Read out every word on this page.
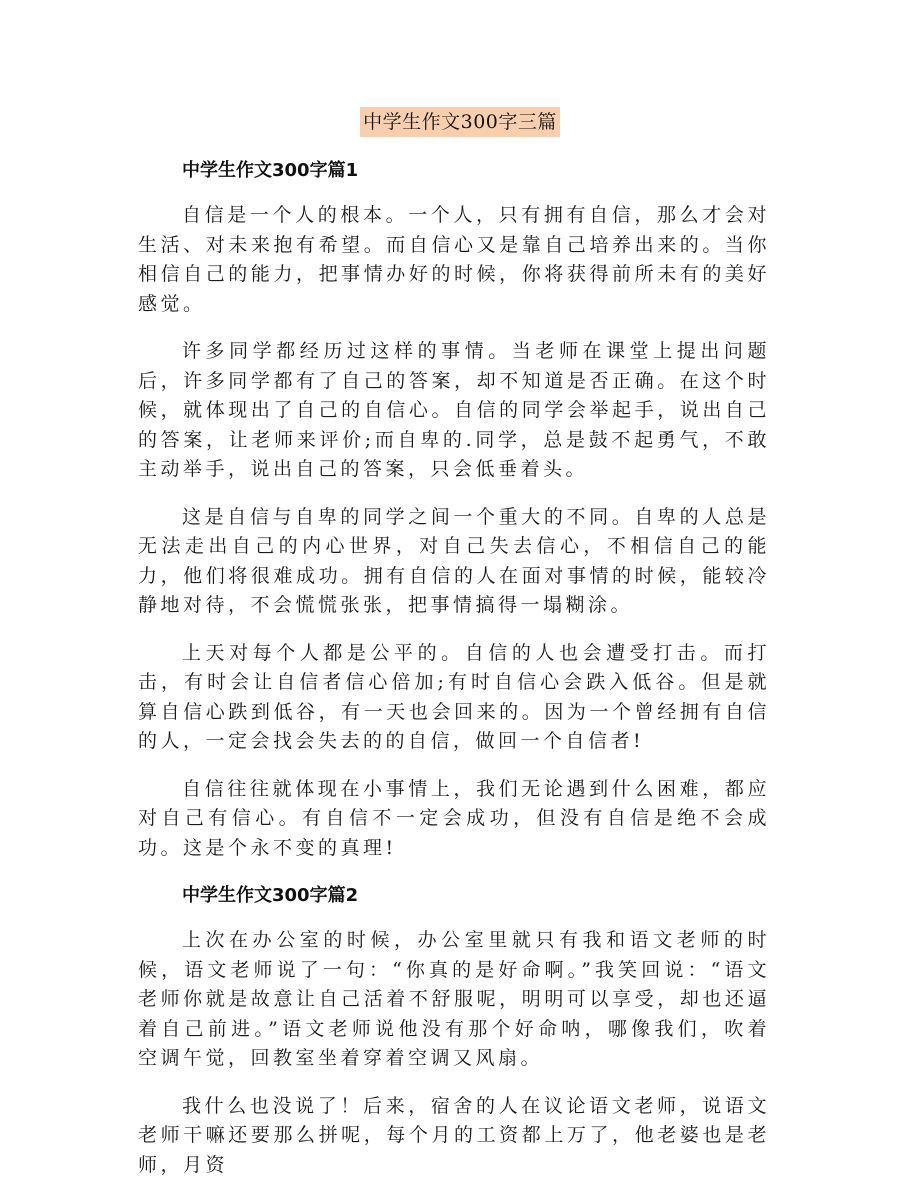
中学生作文300字三篇
中学生作文300字篇1

自信是一个人的根本。一个人，只有拥有自信，那么才会对生活、对未来抱有希望。而自信心又是靠自己培养出来的。当你相信自己的能力，把事情办好的时候，你将获得前所未有的美好感觉。

许多同学都经历过这样的事情。当老师在课堂上提出问题后，许多同学都有了自己的答案，却不知道是否正确。在这个时候，就体现出了自己的自信心。自信的同学会举起手，说出自己的答案，让老师来评价;而自卑的.同学，总是鼓不起勇气，不敢主动举手，说出自己的答案，只会低垂着头。

这是自信与自卑的同学之间一个重大的不同。自卑的人总是无法走出自己的内心世界，对自己失去信心，不相信自己的能力，他们将很难成功。拥有自信的人在面对事情的时候，能较冷静地对待，不会慌慌张张，把事情搞得一塌糊涂。

上天对每个人都是公平的。自信的人也会遭受打击。而打击，有时会让自信者信心倍加;有时自信心会跌入低谷。但是就算自信心跌到低谷，有一天也会回来的。因为一个曾经拥有自信的人，一定会找会失去的的自信，做回一个自信者!

自信往往就体现在小事情上，我们无论遇到什么困难，都应对自己有信心。有自信不一定会成功，但没有自信是绝不会成功。这是个永不变的真理!

中学生作文300字篇2

上次在办公室的时候，办公室里就只有我和语文老师的时候，语文老师说了一句：“你真的是好命啊。”我笑回说：“语文老师你就是故意让自己活着不舒服呢，明明可以享受，却也还逼着自己前进。”语文老师说他没有那个好命呐，哪像我们，吹着空调午觉，回教室坐着穿着空调又风扇。

我什么也没说了！后来，宿舍的人在议论语文老师，说语文老师干嘛还要那么拼呢，每个月的工资都上万了，他老婆也是老师，月资
